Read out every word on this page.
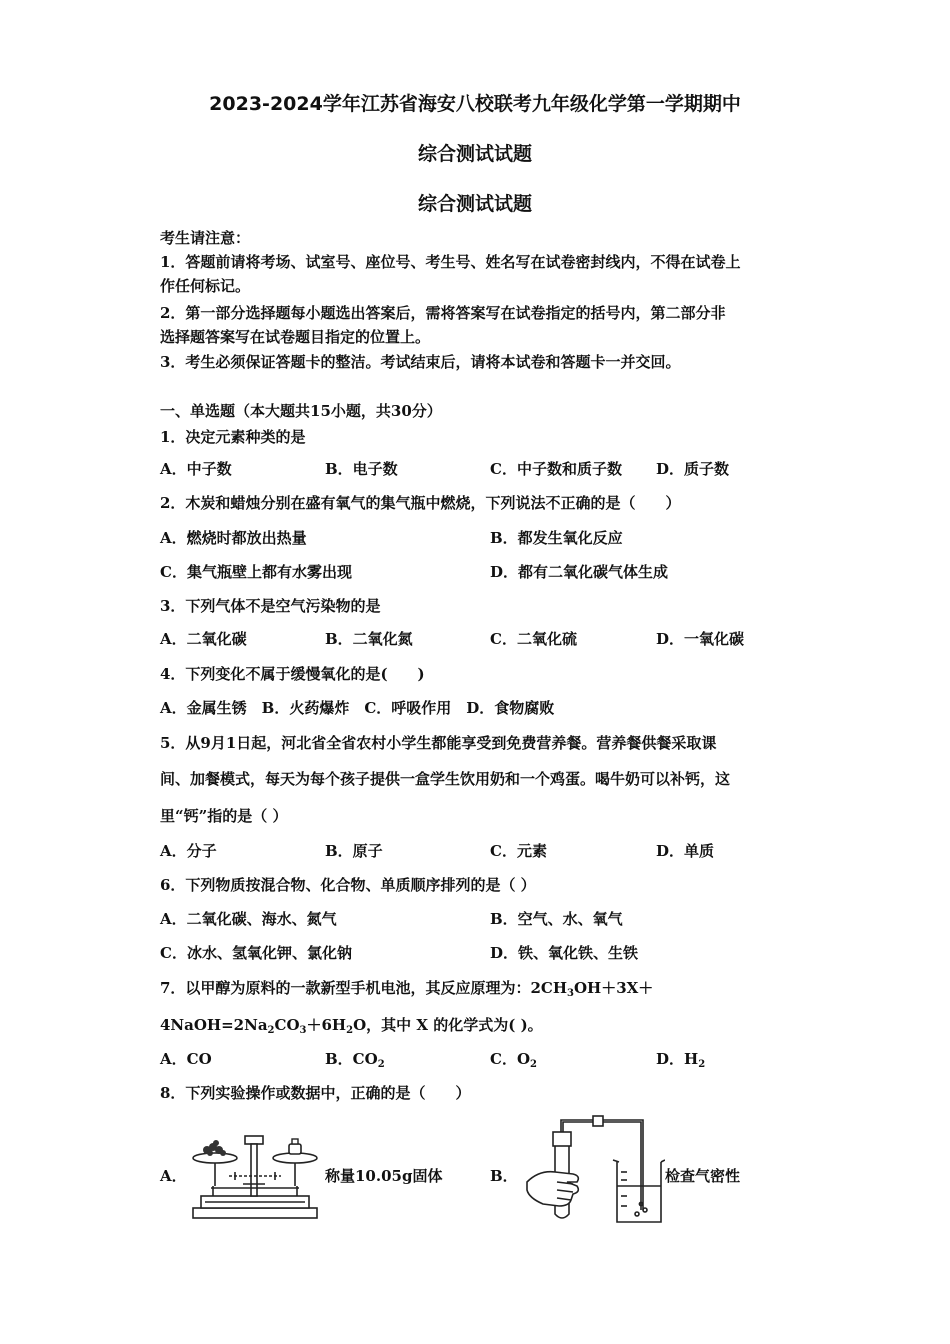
2023-2024学年江苏省海安八校联考九年级化学第一学期期中
综合测试试题
综合测试试题
考生请注意：
1．答题前请将考场、试室号、座位号、考生号、姓名写在试卷密封线内，不得在试卷上
作任何标记。
2．第一部分选择题每小题选出答案后，需将答案写在试卷指定的括号内，第二部分非
选择题答案写在试卷题目指定的位置上。
3．考生必须保证答题卡的整洁。考试结束后，请将本试卷和答题卡一并交回。
一、单选题（本大题共15小题，共30分）
1．决定元素种类的是
A．中子数	B．电子数	C．中子数和质子数 D．质子数
2．木炭和蜡烛分别在盛有氧气的集气瓶中燃烧，下列说法不正确的是（　　）
A．燃烧时都放出热量	B．都发生氧化反应
C．集气瓶壁上都有水雾出现	D．都有二氧化碳气体生成
3．下列气体不是空气污染物的是
A．二氧化碳	B．二氧化氮	C．二氧化硫	D．一氧化碳
4．下列变化不属于缓慢氧化的是(　　)
A．金属生锈　B．火药爆炸　C．呼吸作用　D．食物腐败
5．从9月1日起，河北省全省农村小学生都能享受到免费营养餐。营养餐供餐采取课
间、加餐模式，每天为每个孩子提供一盒学生饮用奶和一个鸡蛋。喝牛奶可以补钙，这
里“钙”指的是（ ）
A．分子	B．原子	C．元素	D．单质
6．下列物质按混合物、化合物、单质顺序排列的是（ ）
A．二氧化碳、海水、氮气	B．空气、水、氧气
C．冰水、氢氧化钾、氯化钠	D．铁、氧化铁、生铁
7．以甲醇为原料的一款新型手机电池，其反应原理为：$2CH_3OH+3X+$
$4NaOH=2Na_2CO_3+6H_2O$，其中 X 的化学式为( )。
A．CO	B．$CO_2$	C．$O_2$	D．$H_2$
8．下列实验操作或数据中，正确的是（　　）
A．	称量10.05g固体	B．	检查气密性
